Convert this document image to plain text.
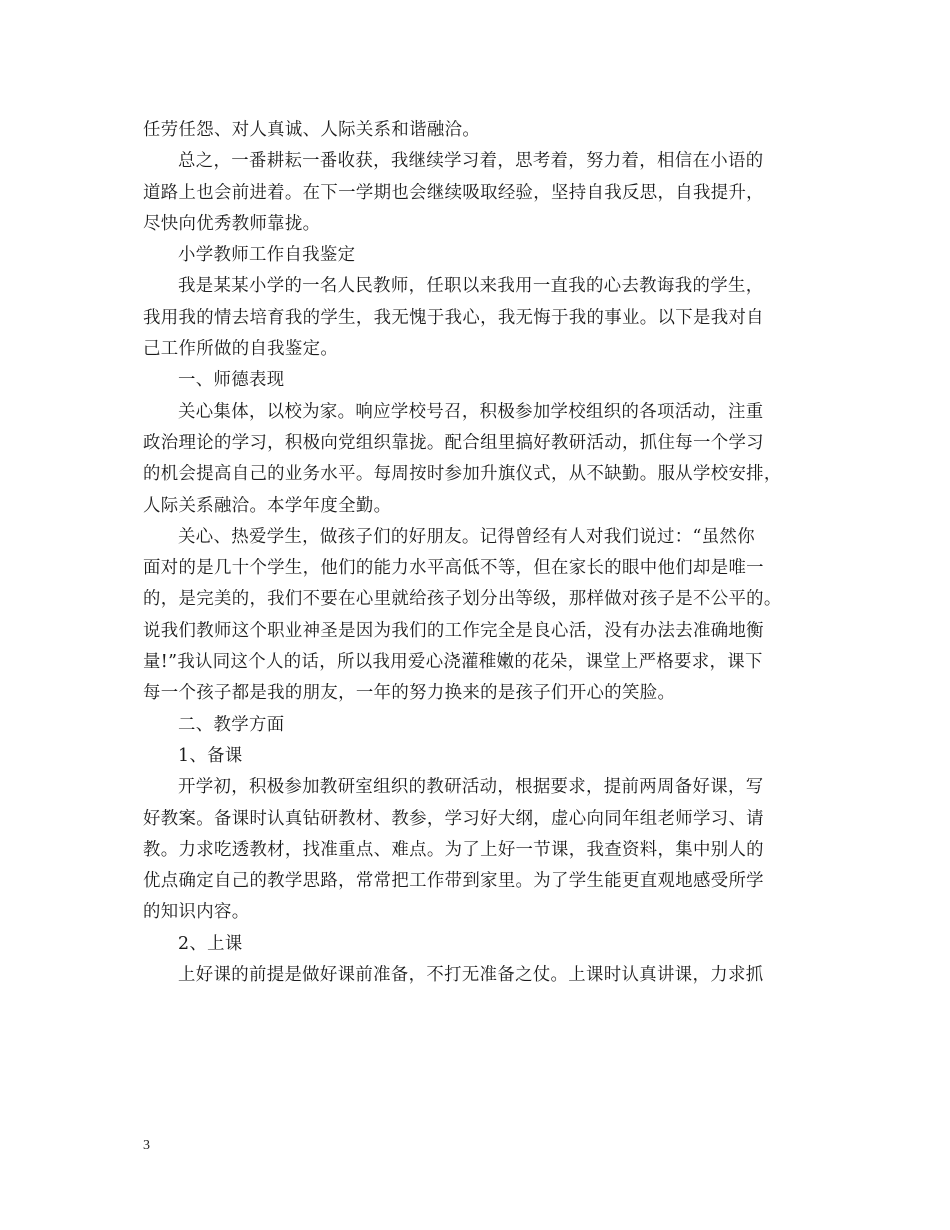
任劳任怨、对人真诚、人际关系和谐融洽。
总之，一番耕耘一番收获，我继续学习着，思考着，努力着，相信在小语的
道路上也会前进着。在下一学期也会继续吸取经验，坚持自我反思，自我提升，
尽快向优秀教师靠拢。
小学教师工作自我鉴定
我是某某小学的一名人民教师，任职以来我用一直我的心去教诲我的学生，
我用我的情去培育我的学生，我无愧于我心，我无悔于我的事业。以下是我对自
己工作所做的自我鉴定。
一、师德表现
关心集体，以校为家。响应学校号召，积极参加学校组织的各项活动，注重
政治理论的学习，积极向党组织靠拢。配合组里搞好教研活动，抓住每一个学习
的机会提高自己的业务水平。每周按时参加升旗仪式，从不缺勤。服从学校安排，
人际关系融洽。本学年度全勤。
关心、热爱学生，做孩子们的好朋友。记得曾经有人对我们说过：“虽然你
面对的是几十个学生，他们的能力水平高低不等，但在家长的眼中他们却是唯一
的，是完美的，我们不要在心里就给孩子划分出等级，那样做对孩子是不公平的。
说我们教师这个职业神圣是因为我们的工作完全是良心活，没有办法去准确地衡
量!”我认同这个人的话，所以我用爱心浇灌稚嫩的花朵，课堂上严格要求，课下
每一个孩子都是我的朋友，一年的努力换来的是孩子们开心的笑脸。
二、教学方面
1、备课
开学初，积极参加教研室组织的教研活动，根据要求，提前两周备好课，写
好教案。备课时认真钻研教材、教参，学习好大纲，虚心向同年组老师学习、请
教。力求吃透教材，找准重点、难点。为了上好一节课，我查资料，集中别人的
优点确定自己的教学思路，常常把工作带到家里。为了学生能更直观地感受所学
的知识内容。
2、上课
上好课的前提是做好课前准备，不打无准备之仗。上课时认真讲课，力求抓
3
